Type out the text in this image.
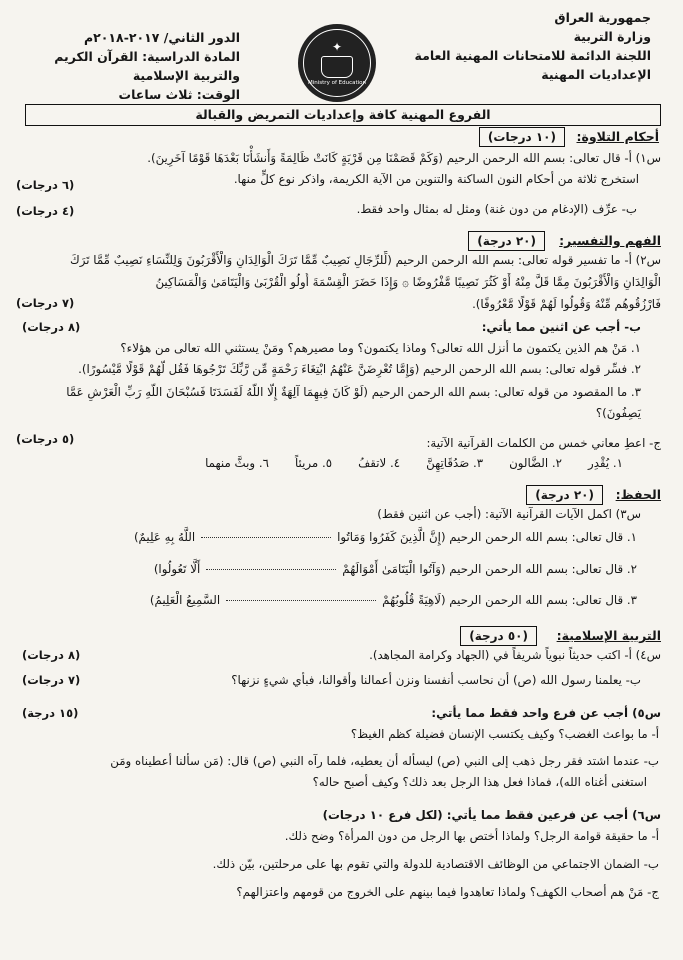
جمهورية العراق
وزارة التربية
اللجنة الدائمة للامتحانات المهنية العامة
الإعداديات المهنية
✦
Ministry of Education
الدور الثاني/ ٢٠١٧-٢٠١٨م
المادة الدراسية: القرآن الكريم
والتربية الإسلامية
الوقت: ثلاث ساعات
الفروع المهنية كافة وإعداديات التمريض والقبالة
أحكام التلاوة:
(١٠ درجات)
س١) أ- قال تعالى: بسم الله الرحمن الرحيم (وَكَمْ قَصَمْنَا مِن قَرْيَةٍ كَانَتْ ظَالِمَةً وَأَنشَأْنَا بَعْدَهَا قَوْمًا آخَرِينَ).
استخرج ثلاثة من أحكام النون الساكنة والتنوين من الآية الكريمة، واذكر نوع كلٍّ منها.
(٦ درجات)
ب- عرِّف (الإدغام من دون غنة) ومثل له بمثال واحد فقط.
(٤ درجات)
الفهم والتفسير:
(٢٠ درجة)
س٢) أ- ما تفسير قوله تعالى: بسم الله الرحمن الرحيم (لِّلرِّجَالِ نَصِيبٌ مِّمَّا تَرَكَ الْوَالِدَانِ وَالْأَقْرَبُونَ وَلِلنِّسَاءِ نَصِيبٌ مِّمَّا تَرَكَ
الْوَالِدَانِ وَالْأَقْرَبُونَ مِمَّا قَلَّ مِنْهُ أَوْ كَثُرَ نَصِيبًا مَّفْرُوضًا ۞ وَإِذَا حَضَرَ الْقِسْمَةَ أُولُو الْقُرْبَىٰ وَالْيَتَامَىٰ وَالْمَسَاكِينُ
فَارْزُقُوهُم مِّنْهُ وَقُولُوا لَهُمْ قَوْلًا مَّعْرُوفًا).
(٧ درجات)
ب- أجب عن اثنين مما يأتي:
(٨ درجات)
١. مَنْ هم الذين يكتمون ما أنزل الله تعالى؟ وماذا يكتمون؟ وما مصيرهم؟ ومَنْ يستثني الله تعالى من هؤلاء؟
٢. فسِّر قوله تعالى: بسم الله الرحمن الرحيم (وَإِمَّا تُعْرِضَنَّ عَنْهُمُ ابْتِغَاءَ رَحْمَةٍ مِّن رَّبِّكَ تَرْجُوهَا فَقُل لَّهُمْ قَوْلًا مَّيْسُورًا).
٣. ما المقصود من قوله تعالى: بسم الله الرحمن الرحيم (لَوْ كَانَ فِيهِمَا آلِهَةٌ إِلَّا اللَّهُ لَفَسَدَتَا فَسُبْحَانَ اللَّهِ رَبِّ الْعَرْشِ عَمَّا
يَصِفُونَ)؟
ج- اعطِ معاني خمس من الكلمات القرآنية الآتية:
(٥ درجات)
١. يُقْدِر
٢. الضَّالون
٣. صَدُقَاتِهِنَّ
٤. لاتقفُ
٥. مريئاً
٦. وبثَّ منهما
الحفظ:
(٢٠ درجة)
س٣) اكمل الآيات القرآنية الآتية: (أجب عن اثنين فقط)
١. قال تعالى: بسم الله الرحمن الرحيم (إِنَّ الَّذِينَ كَفَرُوا وَمَاتُوا
اللَّهُ بِهِ عَلِيمٌ)
٢. قال تعالى: بسم الله الرحمن الرحيم (وَآتُوا الْيَتَامَىٰ أَمْوَالَهُمْ
أَلَّا تَعُولُوا)
٣. قال تعالى: بسم الله الرحمن الرحيم (لَاهِيَةً قُلُوبُهُمْ
السَّمِيعُ الْعَلِيمُ)
التربية الإسلامية:
(٥٠ درجة)
س٤) أ- اكتب حديثاً نبوياً شريفاً في (الجهاد وكرامة المجاهد).
(٨ درجات)
ب- يعلمنا رسول الله (ص) أن نحاسب أنفسنا ونزن أعمالنا وأقوالنا، فبأي شيءٍ نزنها؟
(٧ درجات)
س٥) أجب عن فرع واحد فقط مما يأتي:
(١٥ درجة)
أ- ما بواعث الغضب؟ وكيف يكتسب الإنسان فضيلة كظم الغيظ؟
ب- عندما اشتد فقر رجل ذهب إلى النبي (ص) ليسأله أن يعطيه، فلما رآه النبي (ص) قال: (مَن سألنا أعطيناه ومَن
استغنى أغناه الله)، فماذا فعل هذا الرجل بعد ذلك؟ وكيف أصبح حاله؟
س٦) أجب عن فرعين فقط مما يأتي: (لكل فرع ١٠ درجات)
أ- ما حقيقة قوامة الرجل؟ ولماذا أختص بها الرجل من دون المرأة؟ وضح ذلك.
ب- الضمان الاجتماعي من الوظائف الاقتصادية للدولة والتي تقوم بها على مرحلتين، بيّن ذلك.
ج- مَنْ هم أصحاب الكهف؟ ولماذا تعاهدوا فيما بينهم على الخروج من قومهم واعتزالهم؟
